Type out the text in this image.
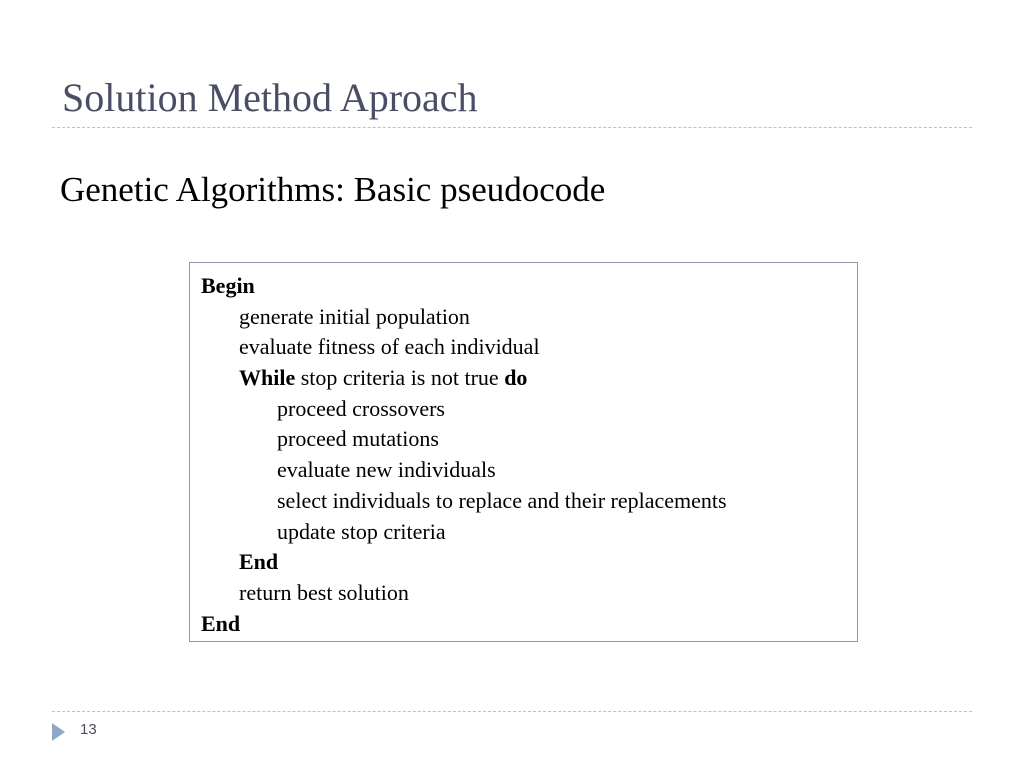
Solution Method Aproach
Genetic Algorithms: Basic pseudocode
Begin
generate initial population
evaluate fitness of each individual
While stop criteria is not true do
proceed crossovers
proceed mutations
evaluate new individuals
select individuals to replace and their replacements
update stop criteria
End
return best solution
End
13
